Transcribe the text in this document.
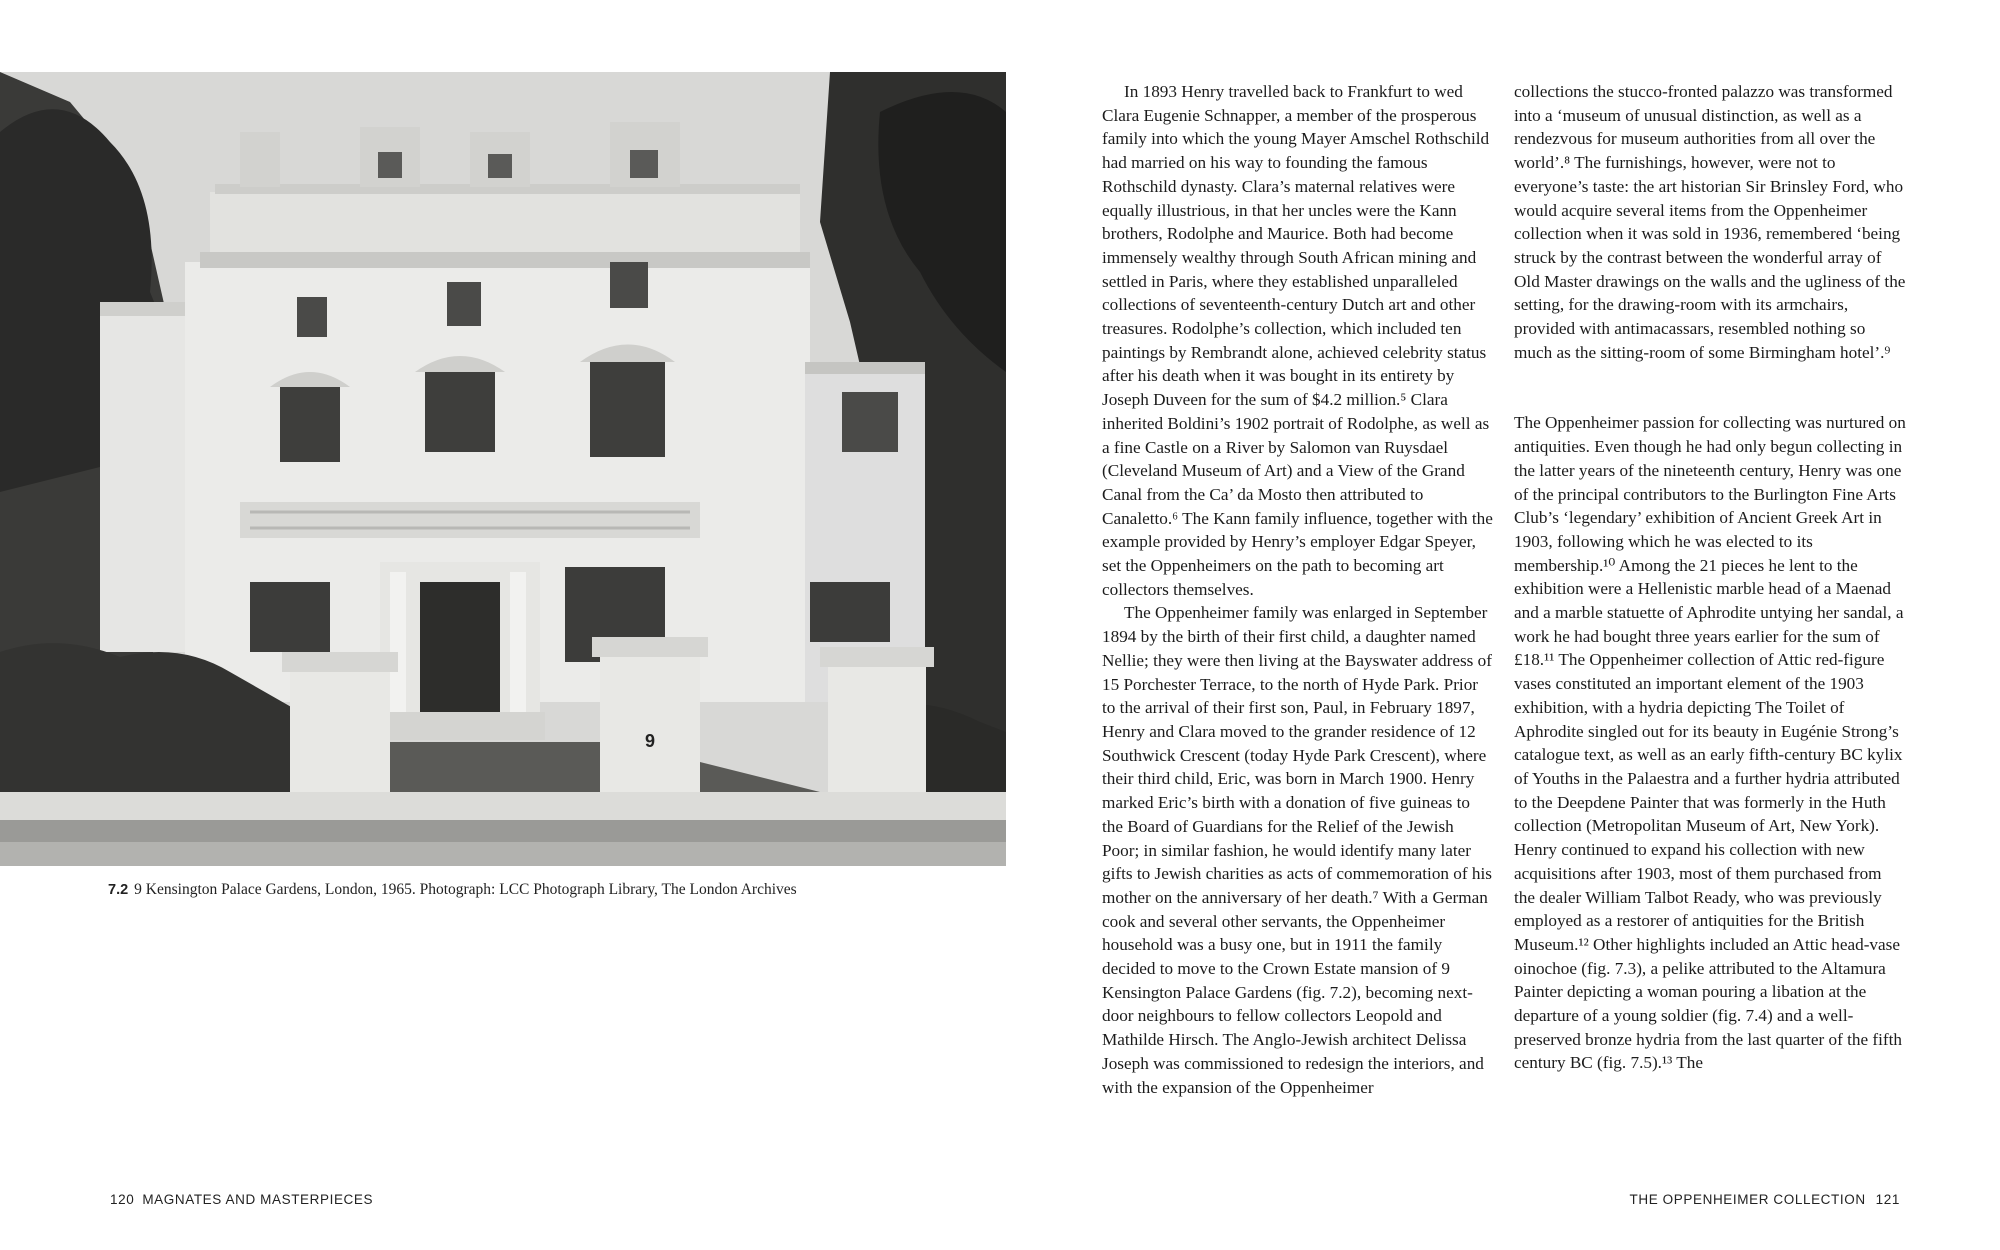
9
7.2 9 Kensington Palace Gardens, London, 1965. Photograph: LCC Photograph Library, The London Archives

In 1893 Henry travelled back to Frankfurt to wed Clara Eugenie Schnapper, a member of the prosperous family into which the young Mayer Amschel Rothschild had married on his way to founding the famous Rothschild dynasty. Clara’s maternal relatives were equally illustrious, in that her uncles were the Kann brothers, Rodolphe and Maurice. Both had become immensely wealthy through South African mining and settled in Paris, where they established unparalleled collections of seventeenth-century Dutch art and other treasures. Rodolphe’s collection, which included ten paintings by Rembrandt alone, achieved celebrity status after his death when it was bought in its entirety by Joseph Duveen for the sum of $4.2 million.⁵ Clara inherited Boldini’s 1902 portrait of Rodolphe, as well as a fine Castle on a River by Salomon van Ruysdael (Cleveland Museum of Art) and a View of the Grand Canal from the Ca’ da Mosto then attributed to Canaletto.⁶ The Kann family influence, together with the example provided by Henry’s employer Edgar Speyer, set the Oppenheimers on the path to becoming art collectors themselves.

The Oppenheimer family was enlarged in September 1894 by the birth of their first child, a daughter named Nellie; they were then living at the Bayswater address of 15 Porchester Terrace, to the north of Hyde Park. Prior to the arrival of their first son, Paul, in February 1897, Henry and Clara moved to the grander residence of 12 Southwick Crescent (today Hyde Park Crescent), where their third child, Eric, was born in March 1900. Henry marked Eric’s birth with a donation of five guineas to the Board of Guardians for the Relief of the Jewish Poor; in similar fashion, he would identify many later gifts to Jewish charities as acts of commemoration of his mother on the anniversary of her death.⁷ With a German cook and several other servants, the Oppenheimer household was a busy one, but in 1911 the family decided to move to the Crown Estate mansion of 9 Kensington Palace Gardens (fig. 7.2), becoming next-door neighbours to fellow collectors Leopold and Mathilde Hirsch. The Anglo-Jewish architect Delissa Joseph was commissioned to redesign the interiors, and with the expansion of the Oppenheimer

collections the stucco-fronted palazzo was transformed into a ‘museum of unusual distinction, as well as a rendezvous for museum authorities from all over the world’.⁸ The furnishings, however, were not to everyone’s taste: the art historian Sir Brinsley Ford, who would acquire several items from the Oppenheimer collection when it was sold in 1936, remembered ‘being struck by the contrast between the wonderful array of Old Master drawings on the walls and the ugliness of the setting, for the drawing-room with its armchairs, provided with antimacassars, resembled nothing so much as the sitting-room of some Birmingham hotel’.⁹

The Oppenheimer passion for collecting was nurtured on antiquities. Even though he had only begun collecting in the latter years of the nineteenth century, Henry was one of the principal contributors to the Burlington Fine Arts Club’s ‘legendary’ exhibition of Ancient Greek Art in 1903, following which he was elected to its membership.¹⁰ Among the 21 pieces he lent to the exhibition were a Hellenistic marble head of a Maenad and a marble statuette of Aphrodite untying her sandal, a work he had bought three years earlier for the sum of £18.¹¹ The Oppenheimer collection of Attic red-figure vases constituted an important element of the 1903 exhibition, with a hydria depicting The Toilet of Aphrodite singled out for its beauty in Eugénie Strong’s catalogue text, as well as an early fifth-century BC kylix of Youths in the Palaestra and a further hydria attributed to the Deepdene Painter that was formerly in the Huth collection (Metropolitan Museum of Art, New York). Henry continued to expand his collection with new acquisitions after 1903, most of them purchased from the dealer William Talbot Ready, who was previously employed as a restorer of antiquities for the British Museum.¹² Other highlights included an Attic head-vase oinochoe (fig. 7.3), a pelike attributed to the Altamura Painter depicting a woman pouring a libation at the departure of a young soldier (fig. 7.4) and a well-preserved bronze hydria from the last quarter of the fifth century BC (fig. 7.5).¹³ The

120 MAGNATES AND MASTERPIECES	THE OPPENHEIMER COLLECTION 121
